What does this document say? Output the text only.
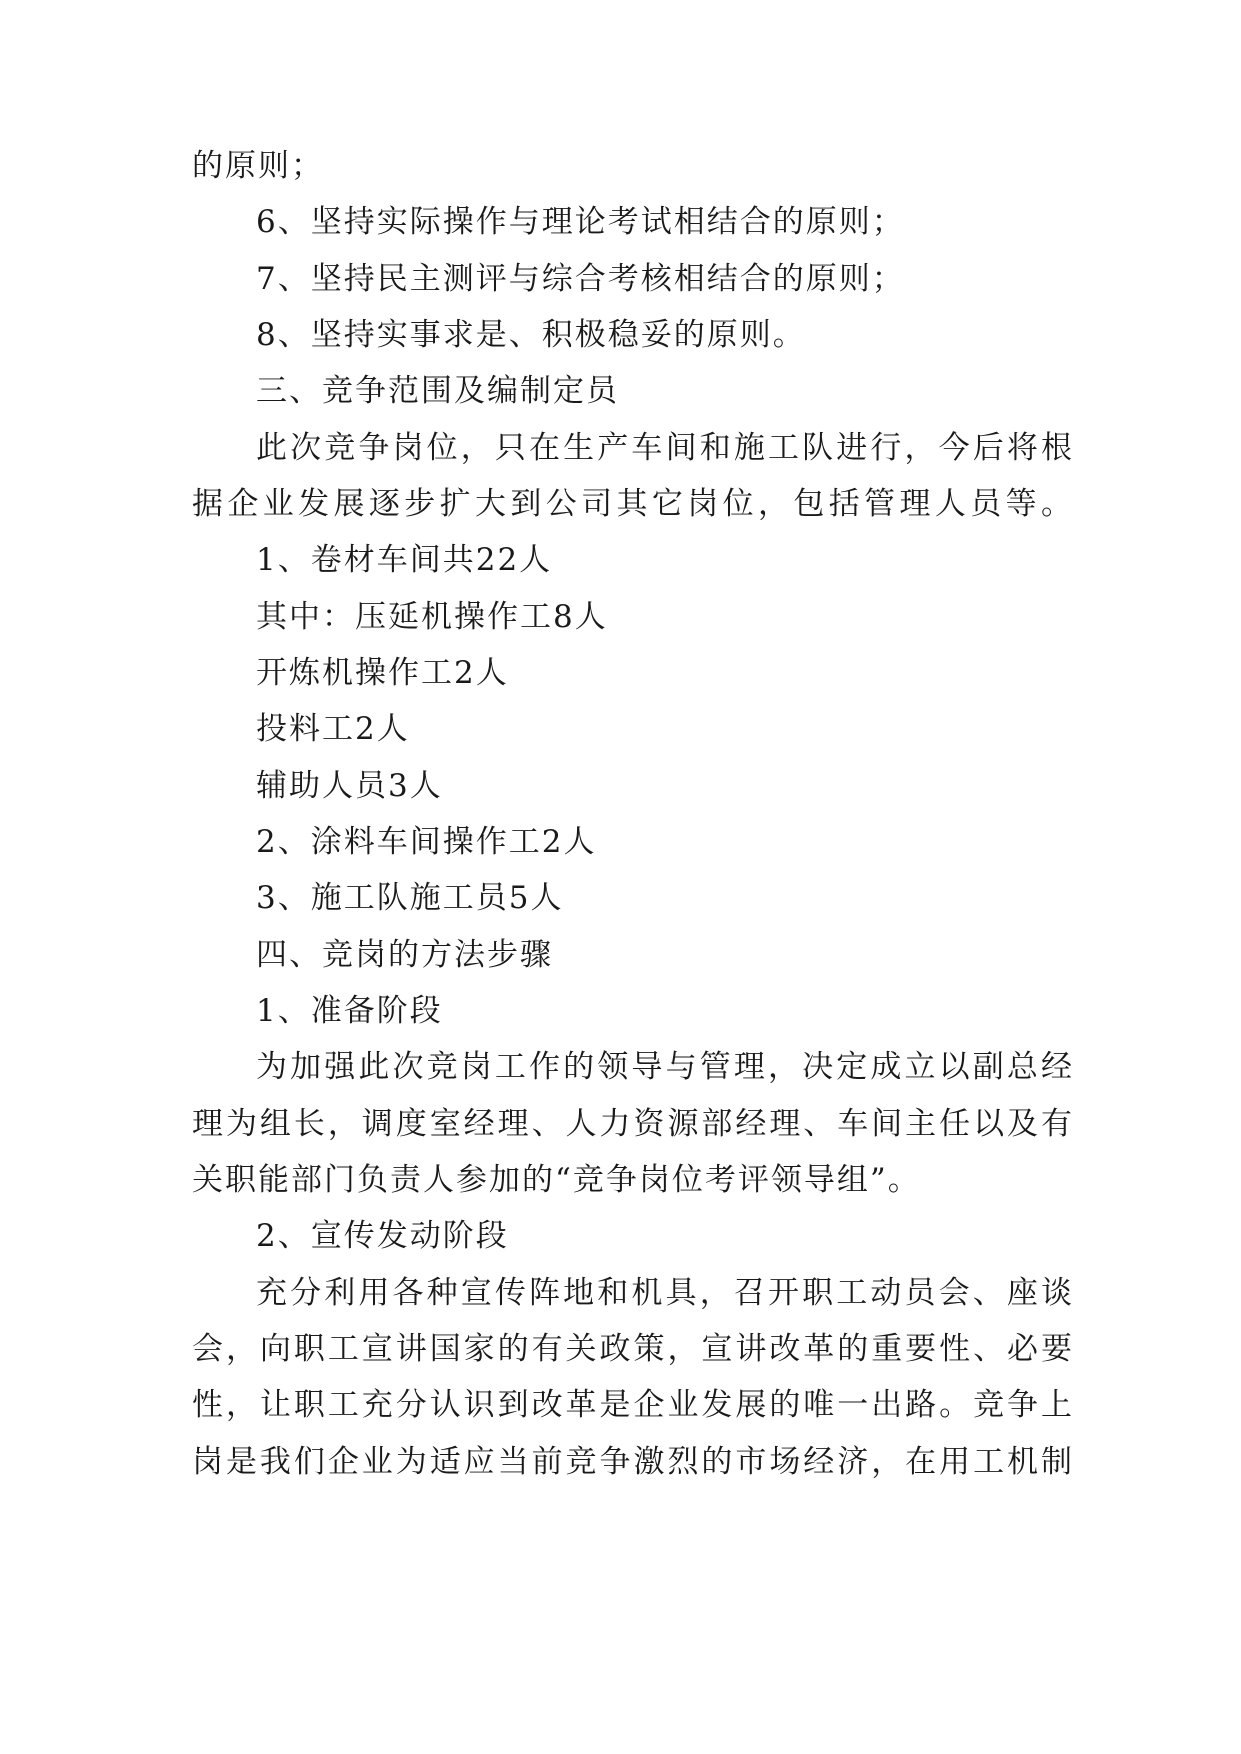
的原则；
6、坚持实际操作与理论考试相结合的原则；
7、坚持民主测评与综合考核相结合的原则；
8、坚持实事求是、积极稳妥的原则。
三、竞争范围及编制定员
此次竞争岗位，只在生产车间和施工队进行，今后将根
据企业发展逐步扩大到公司其它岗位，包括管理人员等。
1、卷材车间共22人
其中：压延机操作工8人
开炼机操作工2人
投料工2人
辅助人员3人
2、涂料车间操作工2人
3、施工队施工员5人
四、竞岗的方法步骤
1、准备阶段
为加强此次竞岗工作的领导与管理，决定成立以副总经
理为组长，调度室经理、人力资源部经理、车间主任以及有
关职能部门负责人参加的“竞争岗位考评领导组”。
2、宣传发动阶段
充分利用各种宣传阵地和机具，召开职工动员会、座谈
会，向职工宣讲国家的有关政策，宣讲改革的重要性、必要
性，让职工充分认识到改革是企业发展的唯一出路。竞争上
岗是我们企业为适应当前竞争激烈的市场经济，在用工机制
